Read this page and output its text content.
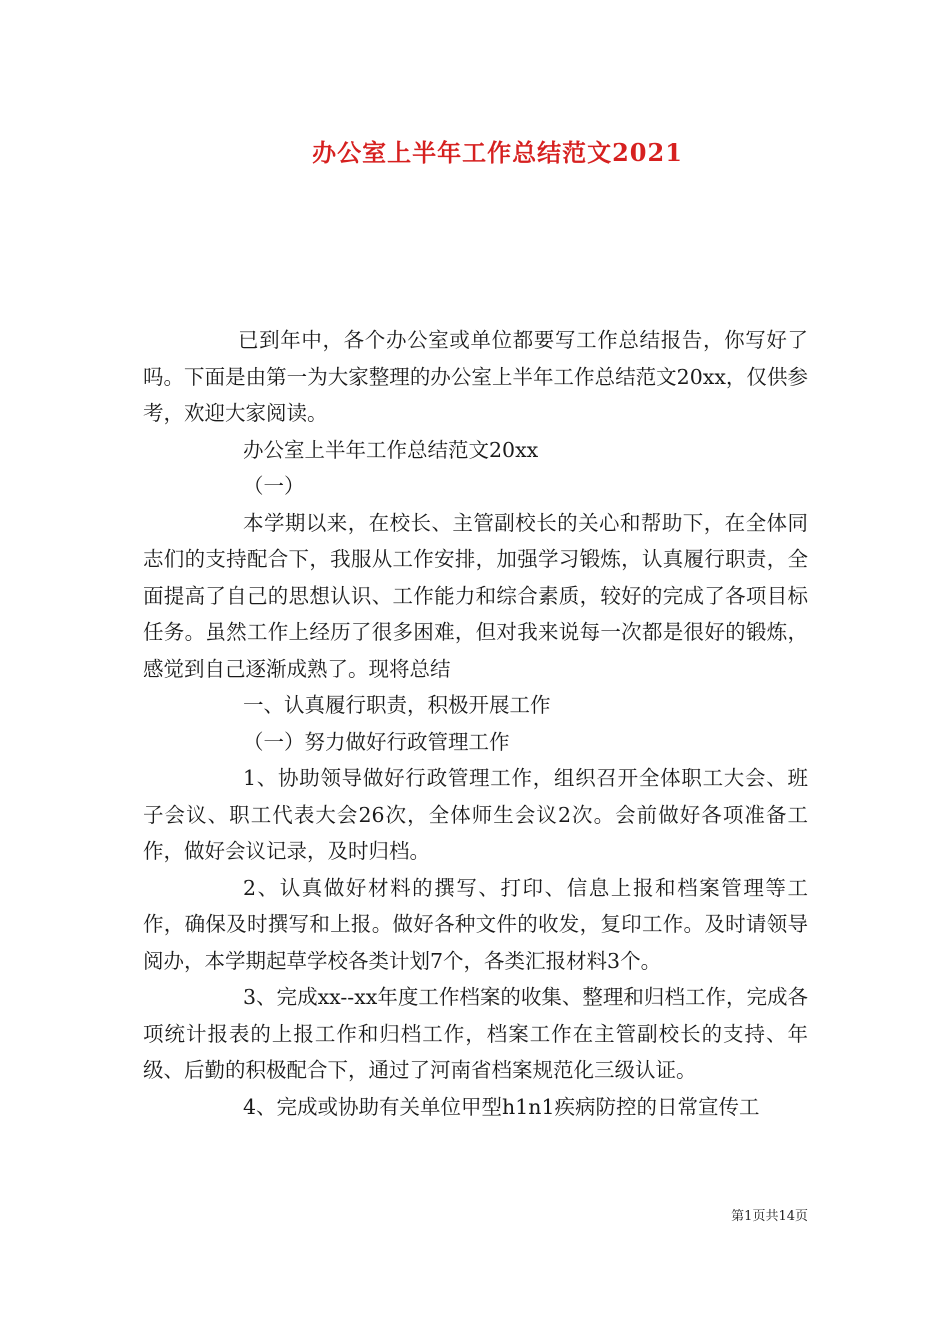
办公室上半年工作总结范文2021

已到年中，各个办公室或单位都要写工作总结报告，你写好了吗。下面是由第一为大家整理的办公室上半年工作总结范文20xx，仅供参考，欢迎大家阅读。

办公室上半年工作总结范文20xx

（一）

本学期以来，在校长、主管副校长的关心和帮助下，在全体同志们的支持配合下，我服从工作安排，加强学习锻炼，认真履行职责，全面提高了自己的思想认识、工作能力和综合素质，较好的完成了各项目标任务。虽然工作上经历了很多困难，但对我来说每一次都是很好的锻炼，感觉到自己逐渐成熟了。现将总结

一、认真履行职责，积极开展工作

（一）努力做好行政管理工作

1、协助领导做好行政管理工作，组织召开全体职工大会、班子会议、职工代表大会26次，全体师生会议2次。会前做好各项准备工作，做好会议记录，及时归档。

2、认真做好材料的撰写、打印、信息上报和档案管理等工作，确保及时撰写和上报。做好各种文件的收发，复印工作。及时请领导阅办，本学期起草学校各类计划7个，各类汇报材料3个。

3、完成xx--xx年度工作档案的收集、整理和归档工作，完成各项统计报表的上报工作和归档工作，档案工作在主管副校长的支持、年级、后勤的积极配合下，通过了河南省档案规范化三级认证。

4、完成或协助有关单位甲型h1n1疾病防控的日常宣传工

第1页共14页
